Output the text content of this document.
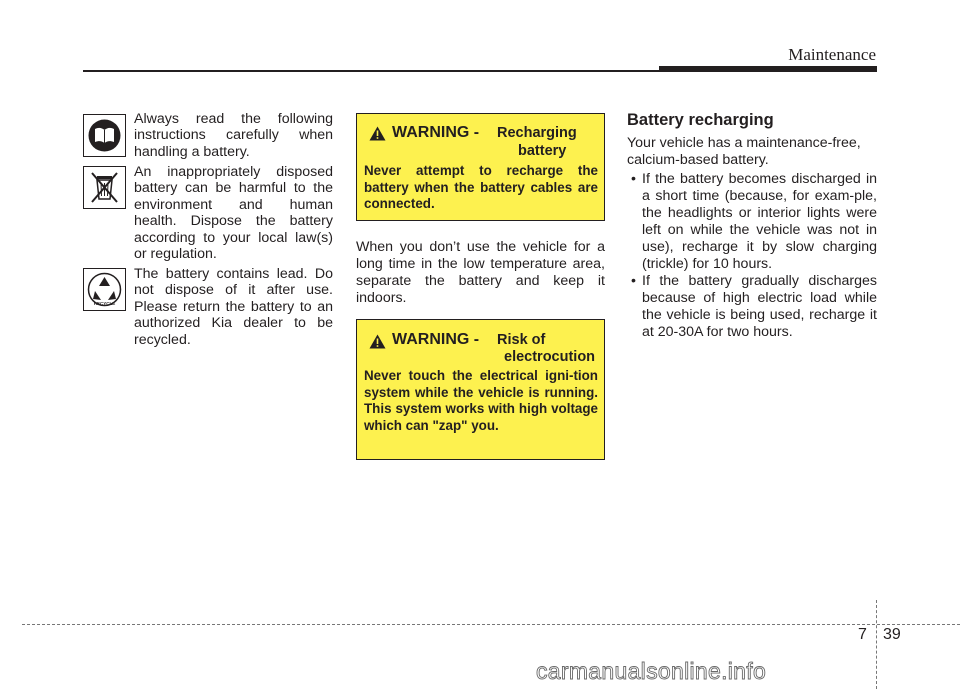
Maintenance
Always read the following instructions carefully when handling a battery.
An inappropriately disposed battery can be harmful to the environment and human health. Dispose the battery according to your local law(s) or regulation.
RECYCLE
The battery contains lead. Do not dispose of it after use. Please return the battery to an authorized Kia dealer to be recycled.
WARNING - Recharging
battery
Never attempt to recharge the battery when the battery cables are connected.
When you don’t use the vehicle for a long time in the low temperature area, separate the battery and keep it indoors.
WARNING - Risk of
electrocution
Never touch the electrical igni-tion system while the vehicle is running. This system works with high voltage which can "zap" you.
Battery recharging
Your vehicle has a maintenance-free, calcium-based battery.
• If the battery becomes discharged in a short time (because, for exam-ple, the headlights or interior lights were left on while the vehicle was not in use), recharge it by slow charging (trickle) for 10 hours.
• If the battery gradually discharges because of high electric load while the vehicle is being used, recharge it at 20-30A for two hours.
7 39
carmanualsonline.info
